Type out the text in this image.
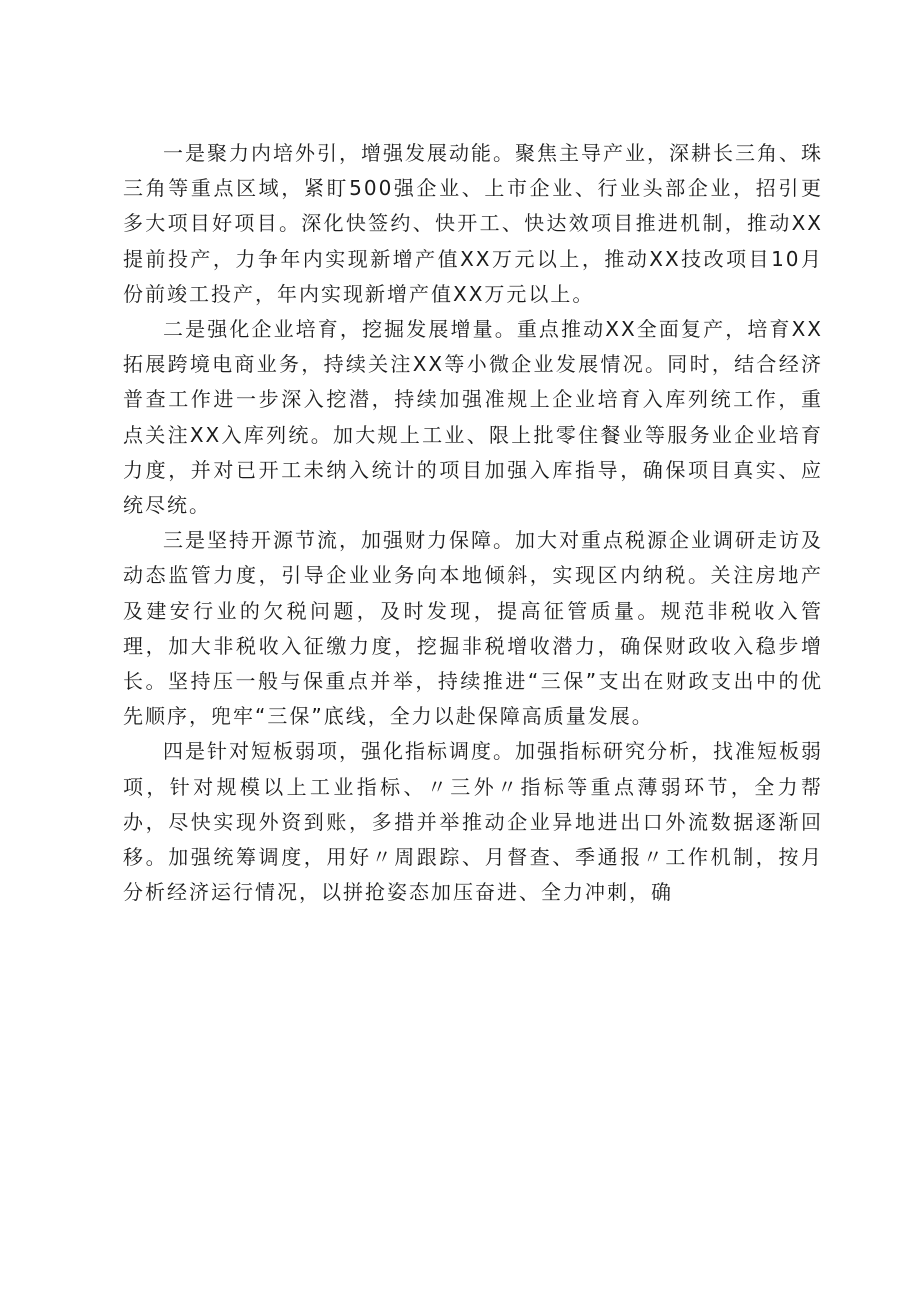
一是聚力内培外引，增强发展动能。聚焦主导产业，深耕长三角、珠三角等重点区域，紧盯500强企业、上市企业、行业头部企业，招引更多大项目好项目。深化快签约、快开工、快达效项目推进机制，推动XX提前投产，力争年内实现新增产值XX万元以上，推动XX技改项目10月份前竣工投产，年内实现新增产值XX万元以上。

二是强化企业培育，挖掘发展增量。重点推动XX全面复产，培育XX拓展跨境电商业务，持续关注XX等小微企业发展情况。同时，结合经济普查工作进一步深入挖潜，持续加强准规上企业培育入库列统工作，重点关注XX入库列统。加大规上工业、限上批零住餐业等服务业企业培育力度，并对已开工未纳入统计的项目加强入库指导，确保项目真实、应统尽统。

三是坚持开源节流，加强财力保障。加大对重点税源企业调研走访及动态监管力度，引导企业业务向本地倾斜，实现区内纳税。关注房地产及建安行业的欠税问题，及时发现，提高征管质量。规范非税收入管理，加大非税收入征缴力度，挖掘非税增收潜力，确保财政收入稳步增长。坚持压一般与保重点并举，持续推进“三保”支出在财政支出中的优先顺序，兜牢“三保”底线，全力以赴保障高质量发展。

四是针对短板弱项，强化指标调度。加强指标研究分析，找准短板弱项，针对规模以上工业指标、〃三外〃指标等重点薄弱环节，全力帮办，尽快实现外资到账，多措并举推动企业异地进出口外流数据逐渐回移。加强统筹调度，用好〃周跟踪、月督查、季通报〃工作机制，按月分析经济运行情况，以拼抢姿态加压奋进、全力冲刺，确
